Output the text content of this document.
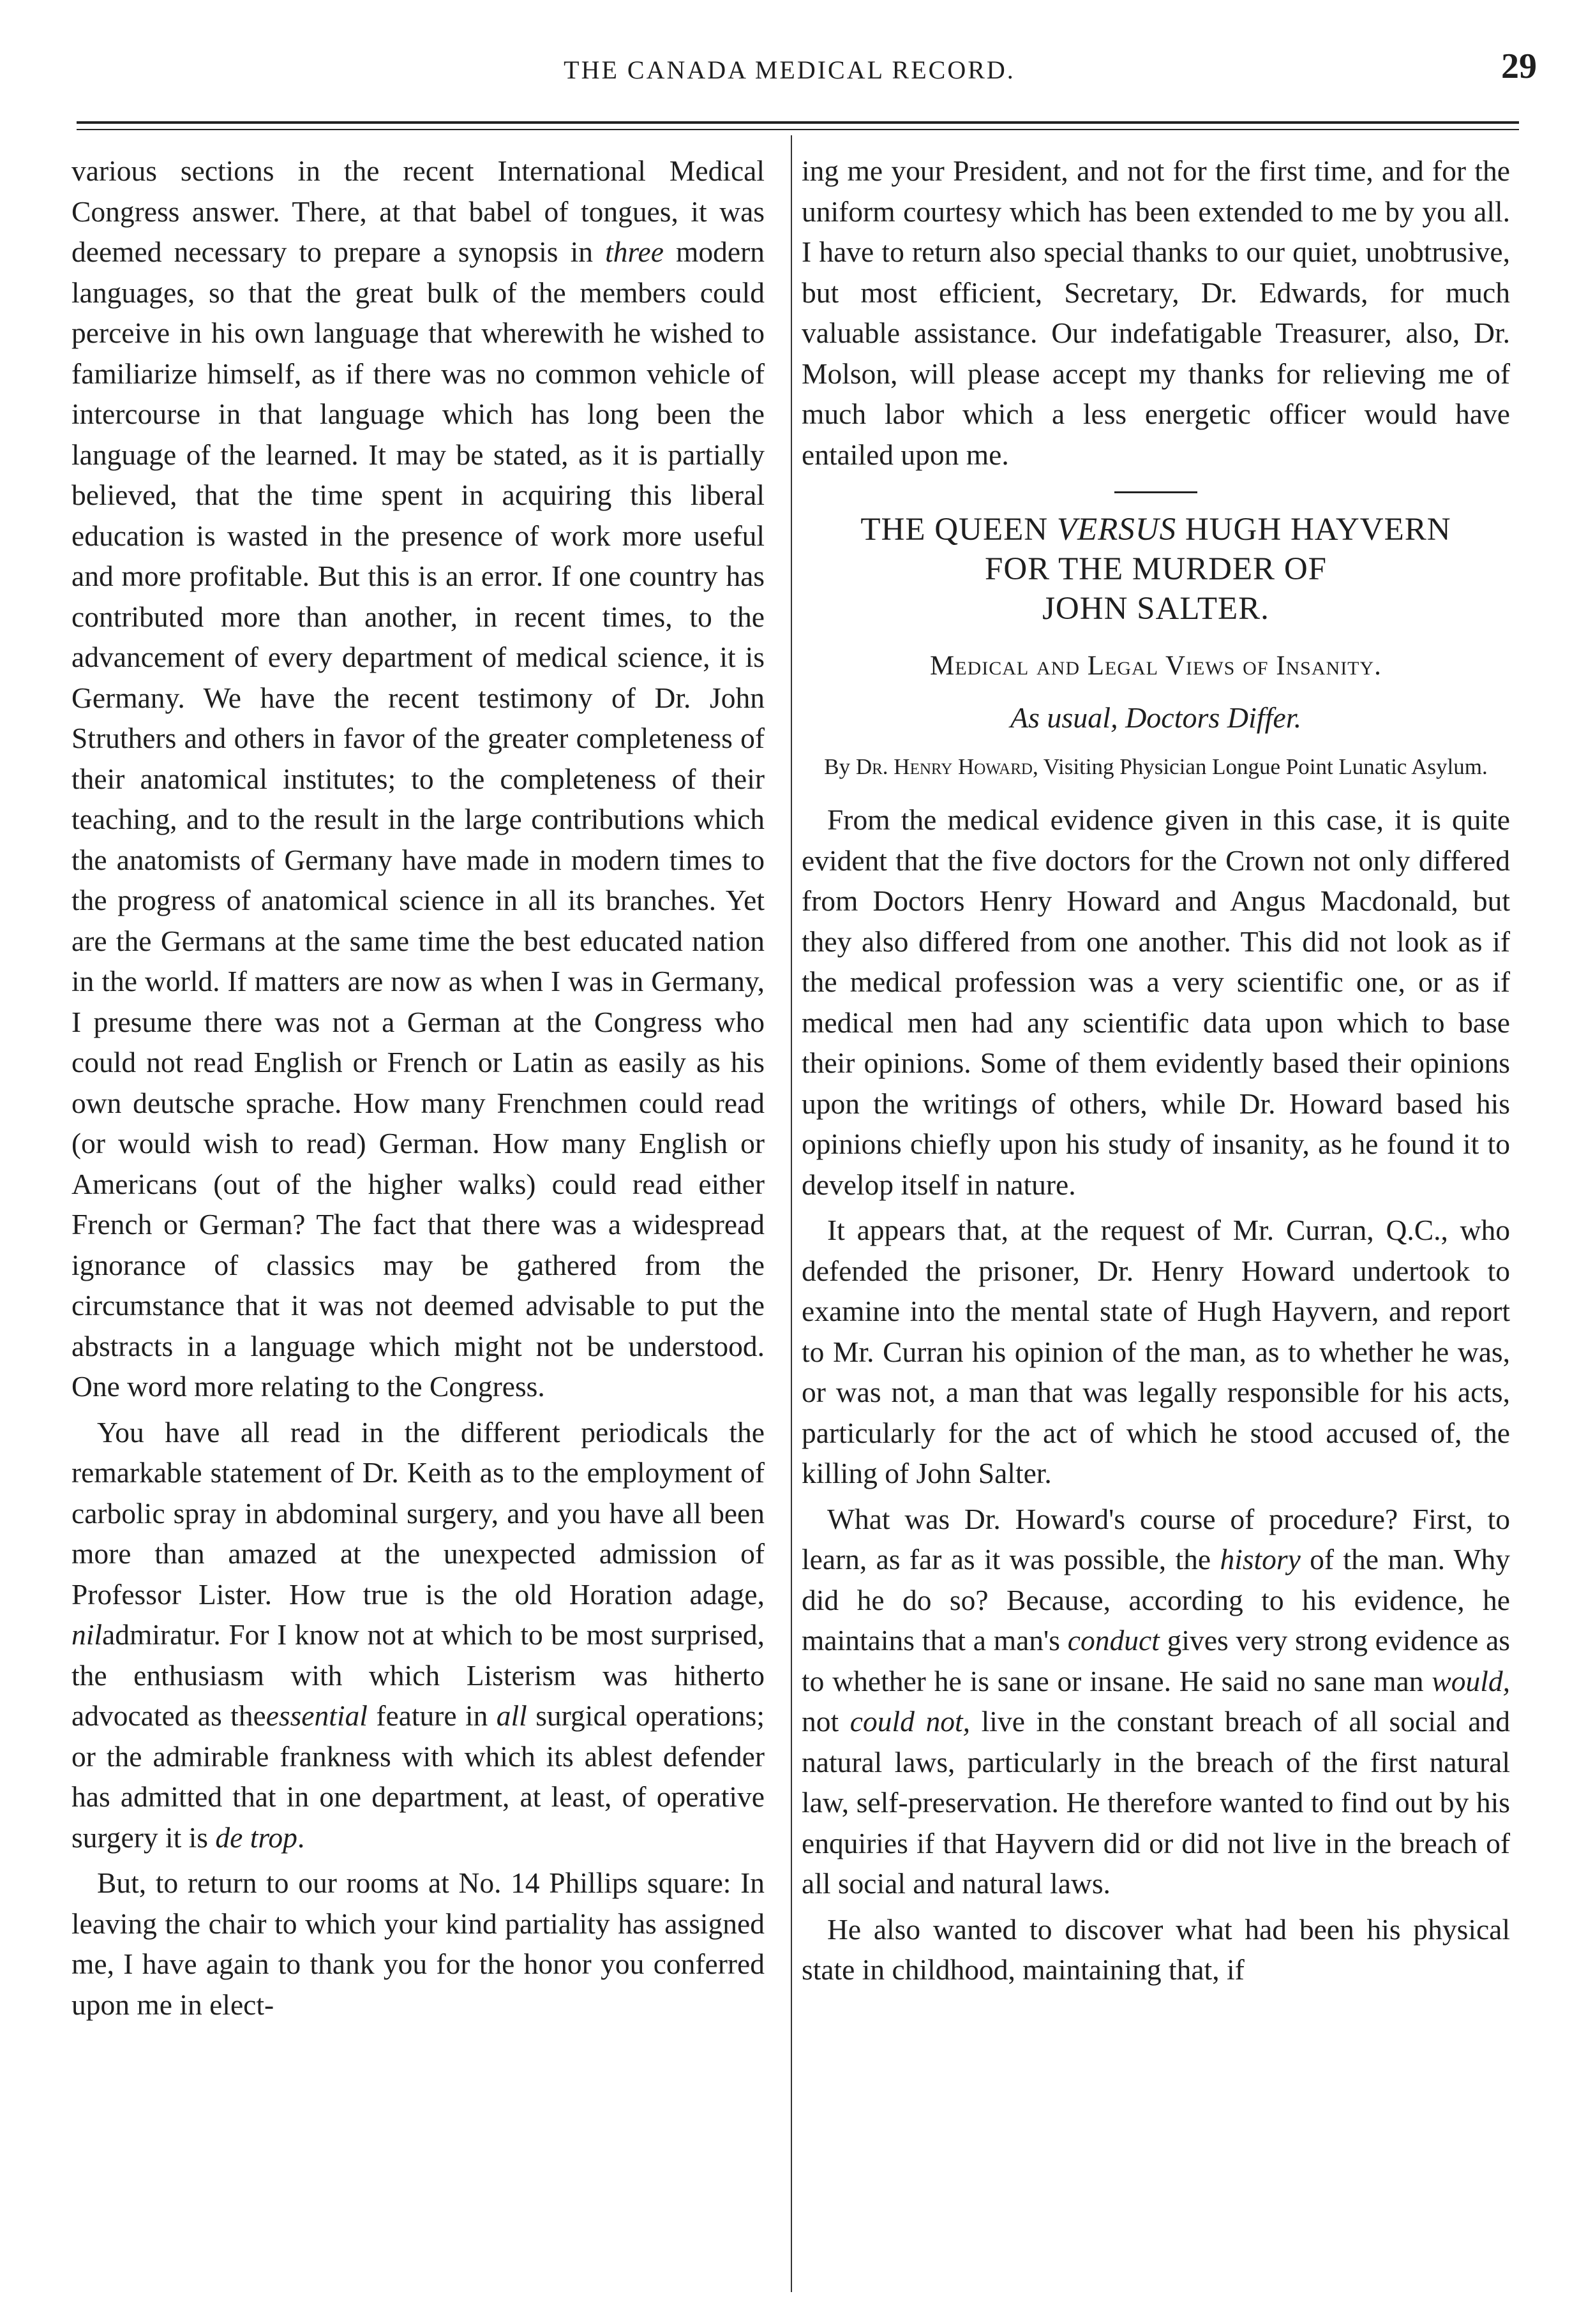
THE CANADA MEDICAL RECORD.	29

various sections in the recent International Medical Congress answer. There, at that babel of tongues, it was deemed necessary to prepare a synopsis in three modern languages, so that the great bulk of the members could perceive in his own language that wherewith he wished to familiarize himself, as if there was no common vehicle of intercourse in that language which has long been the language of the learned. It may be stated, as it is partially believed, that the time spent in acquiring this liberal education is wasted in the presence of work more useful and more profitable. But this is an error. If one country has contributed more than another, in recent times, to the advancement of every department of medical science, it is Germany. We have the recent testimony of Dr. John Struthers and others in favor of the greater completeness of their anatomical institutes; to the completeness of their teaching, and to the result in the large contributions which the anatomists of Germany have made in modern times to the progress of anatomical science in all its branches. Yet are the Germans at the same time the best educated nation in the world. If matters are now as when I was in Germany, I presume there was not a German at the Congress who could not read English or French or Latin as easily as his own deutsche sprache. How many Frenchmen could read (or would wish to read) German. How many English or Americans (out of the higher walks) could read either French or German? The fact that there was a widespread ignorance of classics may be gathered from the circumstance that it was not deemed advisable to put the abstracts in a language which might not be understood. One word more relating to the Congress.

You have all read in the different periodicals the remarkable statement of Dr. Keith as to the employment of carbolic spray in abdominal surgery, and you have all been more than amazed at the unexpected admission of Professor Lister. How true is the old Horation adage, niladmiratur. For I know not at which to be most surprised, the enthusiasm with which Listerism was hitherto advocated as theessential feature in all surgical operations; or the admirable frankness with which its ablest defender has admitted that in one department, at least, of operative surgery it is de trop.

But, to return to our rooms at No. 14 Phillips square: In leaving the chair to which your kind partiality has assigned me, I have again to thank you for the honor you conferred upon me in elect-

ing me your President, and not for the first time, and for the uniform courtesy which has been extended to me by you all. I have to return also special thanks to our quiet, unobtrusive, but most efficient, Secretary, Dr. Edwards, for much valuable assistance. Our indefatigable Treasurer, also, Dr. Molson, will please accept my thanks for relieving me of much labor which a less energetic officer would have entailed upon me.

THE QUEEN VERSUS HUGH HAYVERN
FOR THE MURDER OF
JOHN SALTER.
Medical and Legal Views of Insanity.
As usual, Doctors Differ.
By Dr. Henry Howard, Visiting Physician Longue Point Lunatic Asylum.

From the medical evidence given in this case, it is quite evident that the five doctors for the Crown not only differed from Doctors Henry Howard and Angus Macdonald, but they also differed from one another. This did not look as if the medical profession was a very scientific one, or as if medical men had any scientific data upon which to base their opinions. Some of them evidently based their opinions upon the writings of others, while Dr. Howard based his opinions chiefly upon his study of insanity, as he found it to develop itself in nature.

It appears that, at the request of Mr. Curran, Q.C., who defended the prisoner, Dr. Henry Howard undertook to examine into the mental state of Hugh Hayvern, and report to Mr. Curran his opinion of the man, as to whether he was, or was not, a man that was legally responsible for his acts, particularly for the act of which he stood accused of, the killing of John Salter.

What was Dr. Howard's course of procedure? First, to learn, as far as it was possible, the history of the man. Why did he do so? Because, according to his evidence, he maintains that a man's conduct gives very strong evidence as to whether he is sane or insane. He said no sane man would, not could not, live in the constant breach of all social and natural laws, particularly in the breach of the first natural law, self-preservation. He therefore wanted to find out by his enquiries if that Hayvern did or did not live in the breach of all social and natural laws.

He also wanted to discover what had been his physical state in childhood, maintaining that, if
